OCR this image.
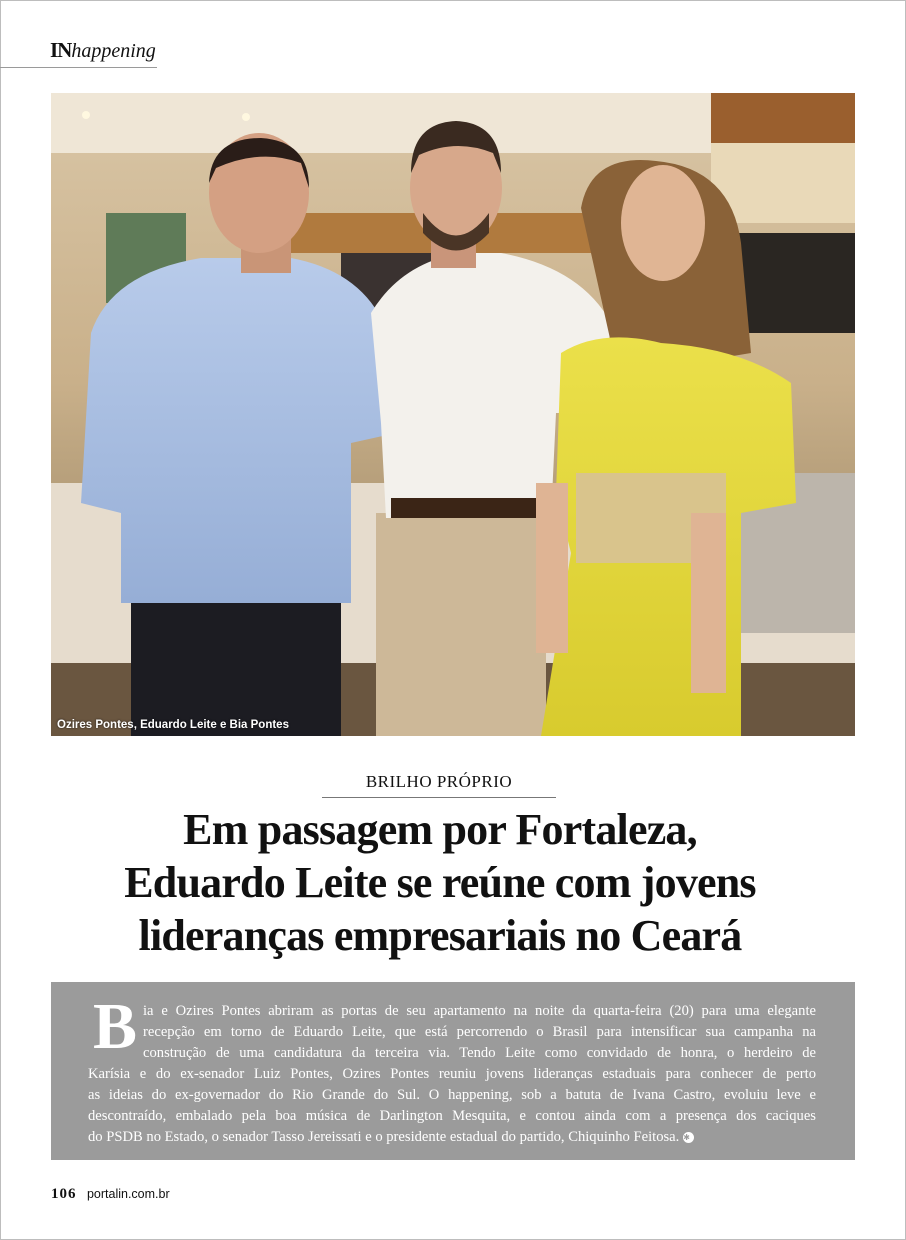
INhappening
Ozires Pontes, Eduardo Leite e Bia Pontes
BRILHO PRÓPRIO
Em passagem por Fortaleza,
Eduardo Leite se reúne com jovens
lideranças empresariais no Ceará
B ia e Ozires Pontes abriram as portas de seu apartamento na noite da quarta-feira (20) para uma elegante
recepção em torno de Eduardo Leite, que está percorrendo o Brasil para intensificar sua campanha na
construção de uma candidatura da terceira via. Tendo Leite como convidado de honra, o herdeiro de
Karísia e do ex-senador Luiz Pontes, Ozires Pontes reuniu jovens lideranças estaduais para conhecer de perto
as ideias do ex-governador do Rio Grande do Sul. O happening, sob a batuta de Ivana Castro, evoluiu leve e
descontraído, embalado pela boa música de Darlington Mesquita, e contou ainda com a presença dos caciques
do PSDB no Estado, o senador Tasso Jereissati e o presidente estadual do partido, Chiquinho Feitosa. ✱
106 portalin.com.br
